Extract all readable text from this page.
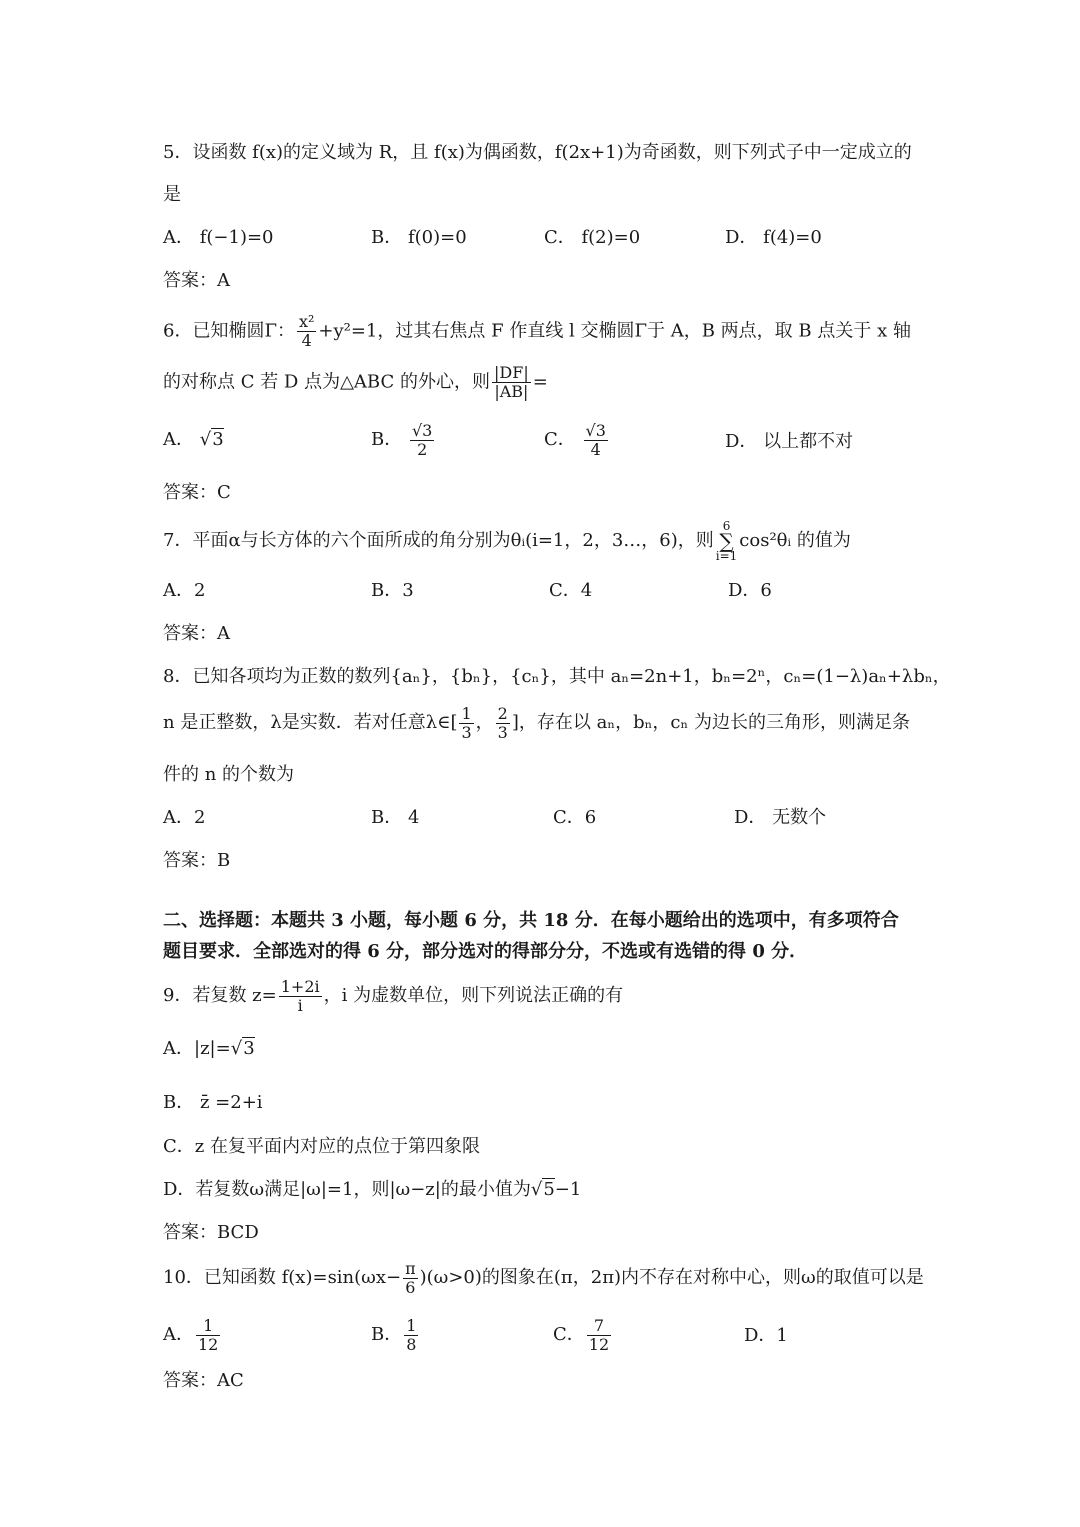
5．设函数 f(x)的定义域为 R，且 f(x)为偶函数，f(2x+1)为奇函数，则下列式子中一定成立的
是
A． f(−1)=0	B． f(0)=0	C． f(2)=0	D． f(4)=0
答案：A
6．已知椭圆Γ： $\frac{\text{x²}}{4} +y^2=1$，过其右焦点 F 作直线 l 交椭圆Γ于 A，B 两点，取 B 点关于 x 轴
的对称点 C 若 D 点为△ABC 的外心，则 $\frac{|DF|}{|AB|}$ =
A． √3	B． $\frac{√3}{2}$	C． $\frac{√3}{4}$	D． 以上都不对
答案：C
7．平面α与长方体的六个面所成的角分别为θᵢ(i=1，2，3…，6)，则6
∑
i=1cos²θᵢ 的值为
A．2	B．3	C．4	D．6
答案：A
8．已知各项均为正数的数列{aₙ}，{bₙ}，{cₙ}，其中 aₙ=2n+1，bₙ=2ⁿ，cₙ=(1−λ)aₙ+λbₙ，
n 是正整数，λ是实数．若对任意λ∈[ $\frac{1}{3}$ ， $\frac{2}{3}$ ]，存在以 aₙ，bₙ，cₙ 为边长的三角形，则满足条
件的 n 的个数为
A．2	B． 4	C．6	D． 无数个
答案：B
二、选择题：本题共 3 小题，每小题 6 分，共 18 分．在每小题给出的选项中，有多项符合
题目要求．全部选对的得 6 分，部分选对的得部分分，不选或有选错的得 0 分．
9．若复数 $z= \frac{1+2i}{i}$ ，i 为虚数单位，则下列说法正确的有
A．|z|=√3
B． z̄ =2+i
C．z 在复平面内对应的点位于第四象限
D．若复数ω满足|ω|=1，则|ω−z|的最小值为√5−1
答案：BCD
10．已知函数 $f(x)=\sin(\omega x- \frac{\pi}{6} )(\omega>0)$的图象在(π，2π)内不存在对称中心，则ω的取值可以是
A． $\frac{1}{12}$	B． $\frac{1}{8}$	C． $\frac{7}{12}$	D．1
答案：AC
